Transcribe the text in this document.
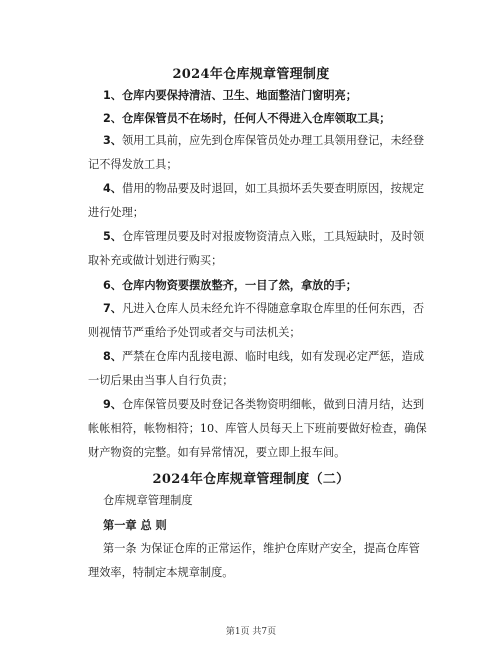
2024年仓库规章管理制度
1、仓库内要保持清洁、卫生、地面整洁门窗明亮；
2、仓库保管员不在场时，任何人不得进入仓库领取工具；
3、领用工具前，应先到仓库保管员处办理工具领用登记，未经登
记不得发放工具；
4、借用的物品要及时退回，如工具损坏丢失要查明原因，按规定
进行处理；
5、仓库管理员要及时对报废物资清点入账，工具短缺时，及时领
取补充或做计划进行购买；
6、仓库内物资要摆放整齐，一目了然，拿放的手；
7、凡进入仓库人员未经允许不得随意拿取仓库里的任何东西，否
则视情节严重给予处罚或者交与司法机关；
8、严禁在仓库内乱接电源、临时电线，如有发现必定严惩，造成
一切后果由当事人自行负责；
9、仓库保管员要及时登记各类物资明细帐，做到日清月结，达到
帐帐相符，帐物相符；10、库管人员每天上下班前要做好检查，确保
财产物资的完整。如有异常情况，要立即上报车间。
2024年仓库规章管理制度（二）
仓库规章管理制度
第一章 总 则
第一条 为保证仓库的正常运作，维护仓库财产安全，提高仓库管
理效率，特制定本规章制度。
第1页 共7页
